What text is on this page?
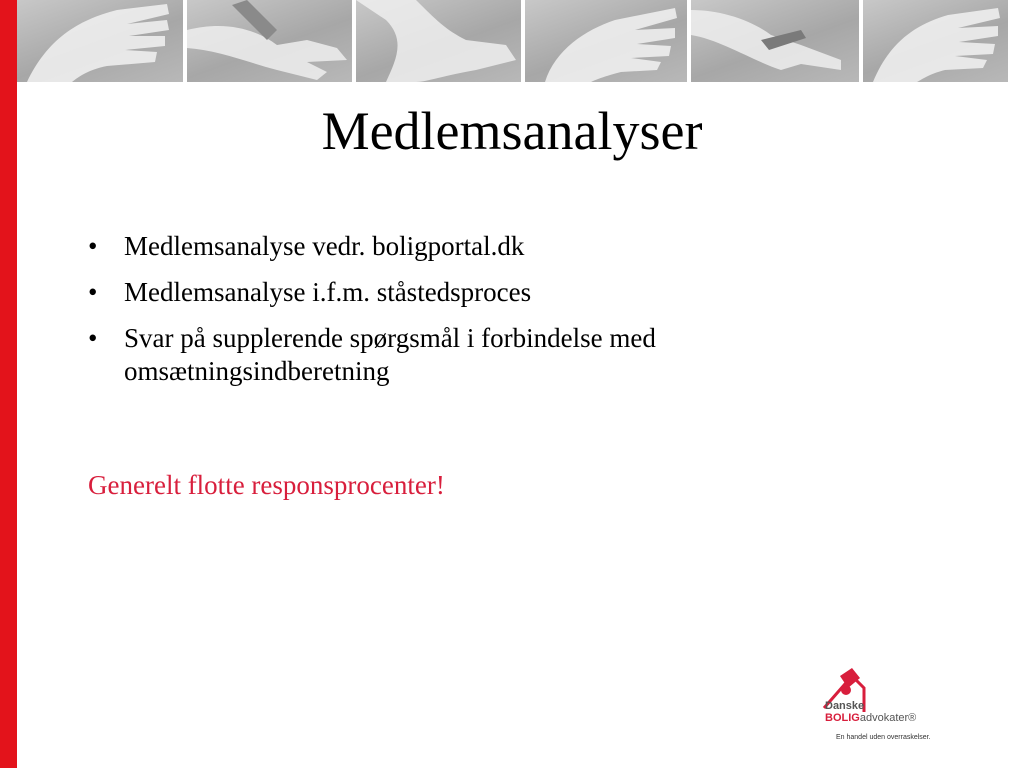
Medlemsanalyser
• Medlemsanalyse vedr. boligportal.dk
• Medlemsanalyse i.f.m. ståstedsproces
• Svar på supplerende spørgsmål i forbindelse med omsætningsindberetning
Generelt flotte responsprocenter!
Danske
BOLIGadvokater®
En handel uden overraskelser.
